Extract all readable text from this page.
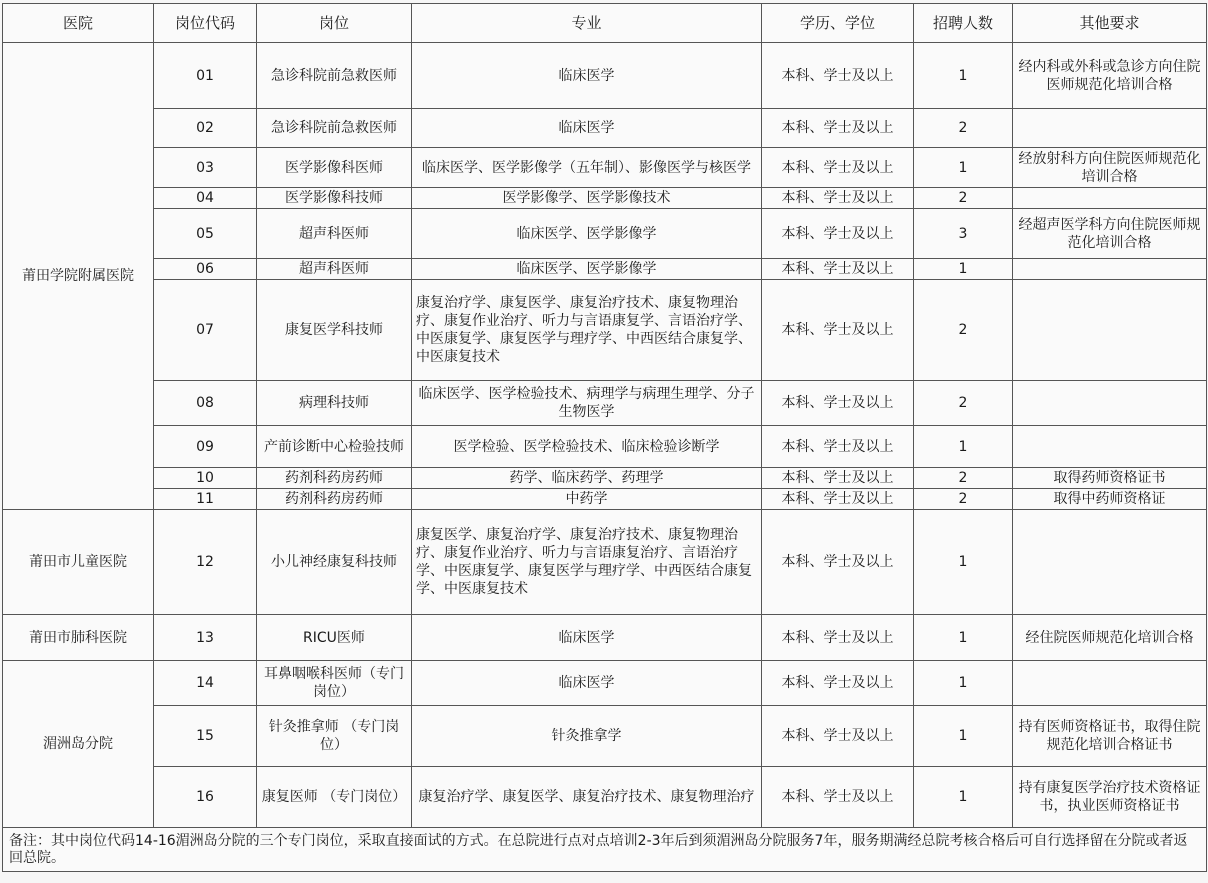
医院	岗位代码	岗位	专业	学历、学位	招聘人数	其他要求
莆田学院附属医院	01	急诊科院前急救医师	临床医学	本科、学士及以上	1	经内科或外科或急诊方向住院医师规范化培训合格
	02	急诊科院前急救医师	临床医学	本科、学士及以上	2	
	03	医学影像科医师	临床医学、医学影像学（五年制）、影像医学与核医学	本科、学士及以上	1	经放射科方向住院医师规范化培训合格
	04	医学影像科技师	医学影像学、医学影像技术	本科、学士及以上	2	
	05	超声科医师	临床医学、医学影像学	本科、学士及以上	3	经超声医学科方向住院医师规范化培训合格
	06	超声科医师	临床医学、医学影像学	本科、学士及以上	1	
	07	康复医学科技师	康复治疗学、康复医学、康复治疗技术、康复物理治疗、康复作业治疗、听力与言语康复学、言语治疗学、中医康复学、康复医学与理疗学、中西医结合康复学、中医康复技术	本科、学士及以上	2	
	08	病理科技师	临床医学、医学检验技术、病理学与病理生理学、分子生物医学	本科、学士及以上	2	
	09	产前诊断中心检验技师	医学检验、医学检验技术、临床检验诊断学	本科、学士及以上	1	
	10	药剂科药房药师	药学、临床药学、药理学	本科、学士及以上	2	取得药师资格证书
	11	药剂科药房药师	中药学	本科、学士及以上	2	取得中药师资格证
莆田市儿童医院	12	小儿神经康复科技师	康复医学、康复治疗学、康复治疗技术、康复物理治疗、康复作业治疗、听力与言语康复治疗、言语治疗学、中医康复学、康复医学与理疗学、中西医结合康复学、中医康复技术	本科、学士及以上	1	
莆田市肺科医院	13	RICU医师	临床医学	本科、学士及以上	1	经住院医师规范化培训合格
湄洲岛分院	14	耳鼻咽喉科医师（专门岗位）	临床医学	本科、学士及以上	1	
	15	针灸推拿师 （专门岗位）	针灸推拿学	本科、学士及以上	1	持有医师资格证书，取得住院规范化培训合格证书
	16	康复医师 （专门岗位）	康复治疗学、康复医学、康复治疗技术、康复物理治疗	本科、学士及以上	1	持有康复医学治疗技术资格证书，执业医师资格证书
备注：其中岗位代码14-16湄洲岛分院的三个专门岗位，采取直接面试的方式。在总院进行点对点培训2-3年后到须湄洲岛分院服务7年，服务期满经总院考核合格后可自行选择留在分院或者返回总院。						
